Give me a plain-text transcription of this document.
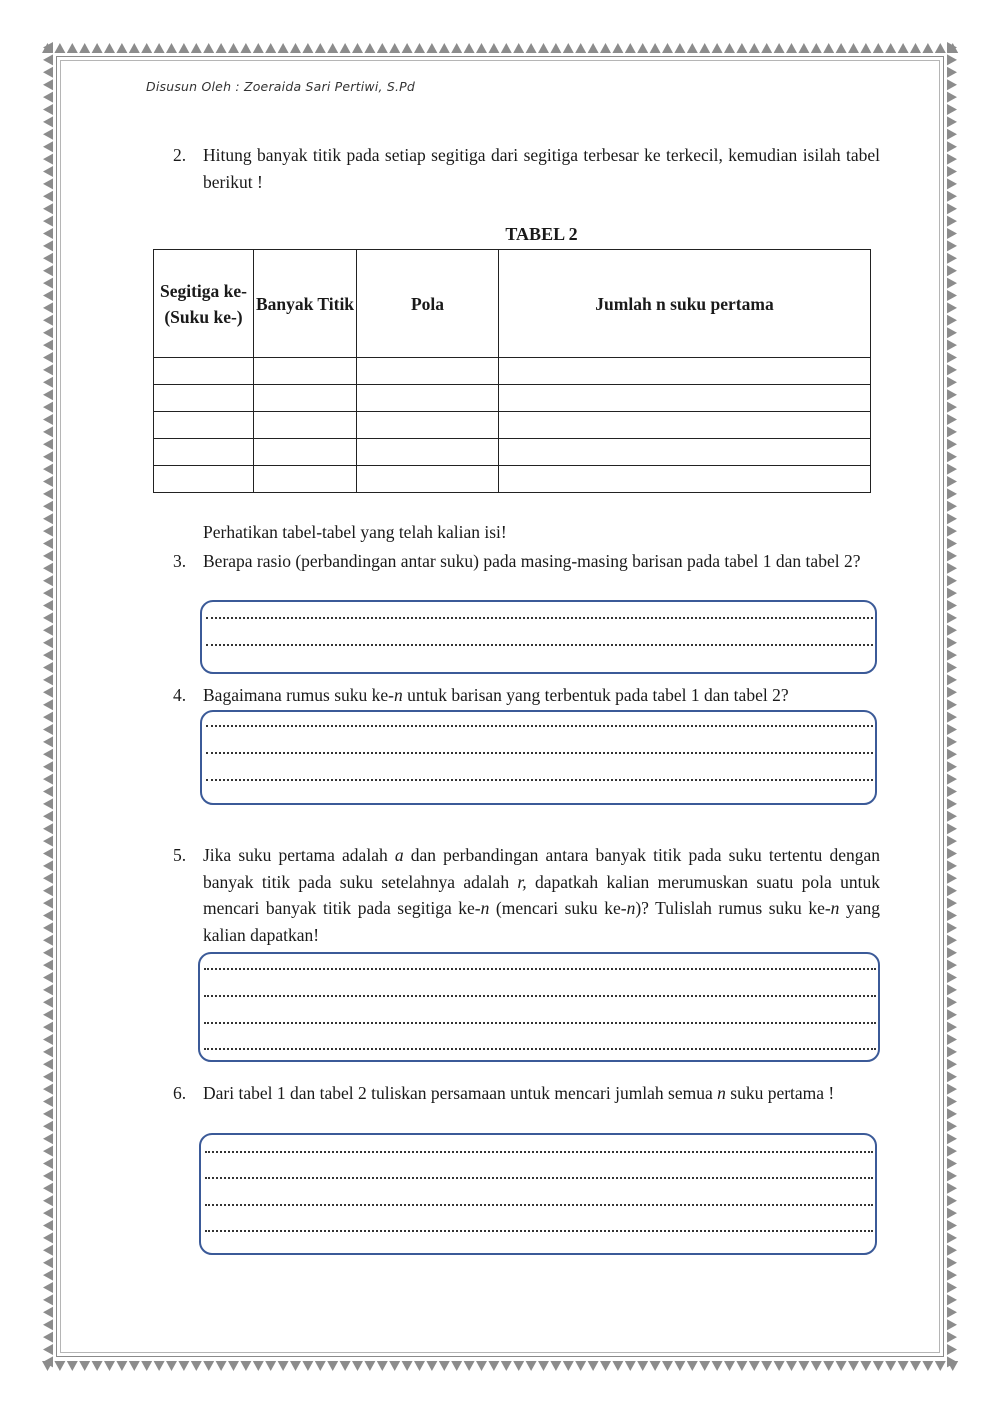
Disusun Oleh : Zoeraida Sari Pertiwi, S.Pd
2. Hitung banyak titik pada setiap segitiga dari segitiga terbesar ke terkecil, kemudian isilah tabel berikut !
TABEL 2
Segitiga ke- (Suku ke-)	Banyak Titik	Pola	Jumlah n suku pertama

Perhatikan tabel-tabel yang telah kalian isi!
3. Berapa rasio (perbandingan antar suku) pada masing-masing barisan pada tabel 1 dan tabel 2?
4. Bagaimana rumus suku ke-n untuk barisan yang terbentuk pada tabel 1 dan tabel 2?
5. Jika suku pertama adalah a dan perbandingan antara banyak titik pada suku tertentu dengan banyak titik pada suku setelahnya adalah r, dapatkah kalian merumuskan suatu pola untuk mencari banyak titik pada segitiga ke-n (mencari suku ke-n)? Tulislah rumus suku ke-n yang kalian dapatkan!
6. Dari tabel 1 dan tabel 2 tuliskan persamaan untuk mencari jumlah semua n suku pertama !
